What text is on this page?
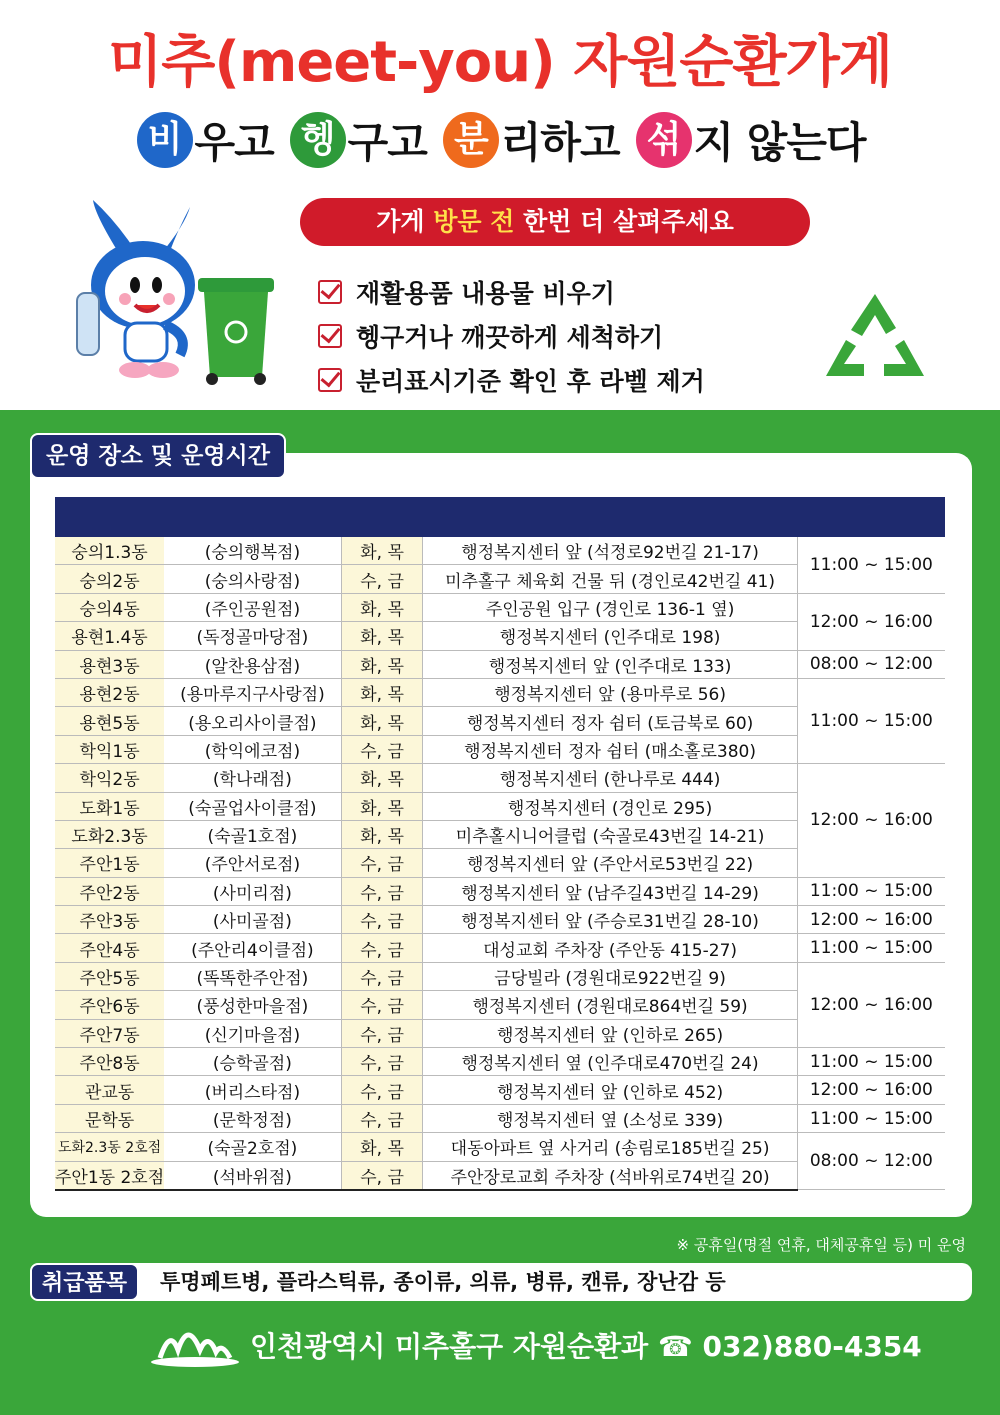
미추(meet-you) 자원순환가게
비 우고 헹 구고 분 리하고 섞 지 않는다
가게 방문 전 한번 더 살펴주세요
재활용품 내용물 비우기
헹구거나 깨끗하게 세척하기
분리표시기준 확인 후 라벨 제거
운영 장소 및 운영시간

숭의1.3동	(숭의행복점)	화, 목	행정복지센터 앞 (석정로92번길 21-17)	11:00 ~ 15:00
숭의2동	(숭의사랑점)	수, 금	미추홀구 체육회 건물 뒤 (경인로42번길 41)	
숭의4동	(주인공원점)	화, 목	주인공원 입구 (경인로 136-1 옆)	12:00 ~ 16:00
용현1.4동	(독정골마당점)	화, 목	행정복지센터 (인주대로 198)	
용현3동	(알찬용삼점)	화, 목	행정복지센터 앞 (인주대로 133)	08:00 ~ 12:00
용현2동	(용마루지구사랑점)	화, 목	행정복지센터 앞 (용마루로 56)	11:00 ~ 15:00
용현5동	(용오리사이클점)	화, 목	행정복지센터 정자 쉼터 (토금북로 60)	
학익1동	(학익에코점)	수, 금	행정복지센터 정자 쉼터 (매소홀로380)	
학익2동	(학나래점)	화, 목	행정복지센터 (한나루로 444)	12:00 ~ 16:00
도화1동	(숙골업사이클점)	화, 목	행정복지센터 (경인로 295)	
도화2.3동	(숙골1호점)	화, 목	미추홀시니어클럽 (숙골로43번길 14-21)	
주안1동	(주안서로점)	수, 금	행정복지센터 앞 (주안서로53번길 22)	
주안2동	(사미리점)	수, 금	행정복지센터 앞 (남주길43번길 14-29)	11:00 ~ 15:00
주안3동	(사미골점)	수, 금	행정복지센터 앞 (주승로31번길 28-10)	12:00 ~ 16:00
주안4동	(주안리4이클점)	수, 금	대성교회 주차장 (주안동 415-27)	11:00 ~ 15:00
주안5동	(똑똑한주안점)	수, 금	금당빌라 (경원대로922번길 9)	12:00 ~ 16:00
주안6동	(풍성한마을점)	수, 금	행정복지센터 (경원대로864번길 59)	
주안7동	(신기마을점)	수, 금	행정복지센터 앞 (인하로 265)	
주안8동	(승학골점)	수, 금	행정복지센터 옆 (인주대로470번길 24)	11:00 ~ 15:00
관교동	(버리스타점)	수, 금	행정복지센터 앞 (인하로 452)	12:00 ~ 16:00
문학동	(문학정점)	수, 금	행정복지센터 옆 (소성로 339)	11:00 ~ 15:00
도화2.3동 2호점	(숙골2호점)	화, 목	대동아파트 옆 사거리 (송림로185번길 25)	08:00 ~ 12:00
주안1동 2호점	(석바위점)	수, 금	주안장로교회 주차장 (석바위로74번길 20)	
※ 공휴일(명절 연휴, 대체공휴일 등) 미 운영
취급품목	투명페트병, 플라스틱류, 종이류, 의류, 병류, 캔류, 장난감 등
인천광역시 미추홀구 자원순환과 ☎ 032)880-4354
